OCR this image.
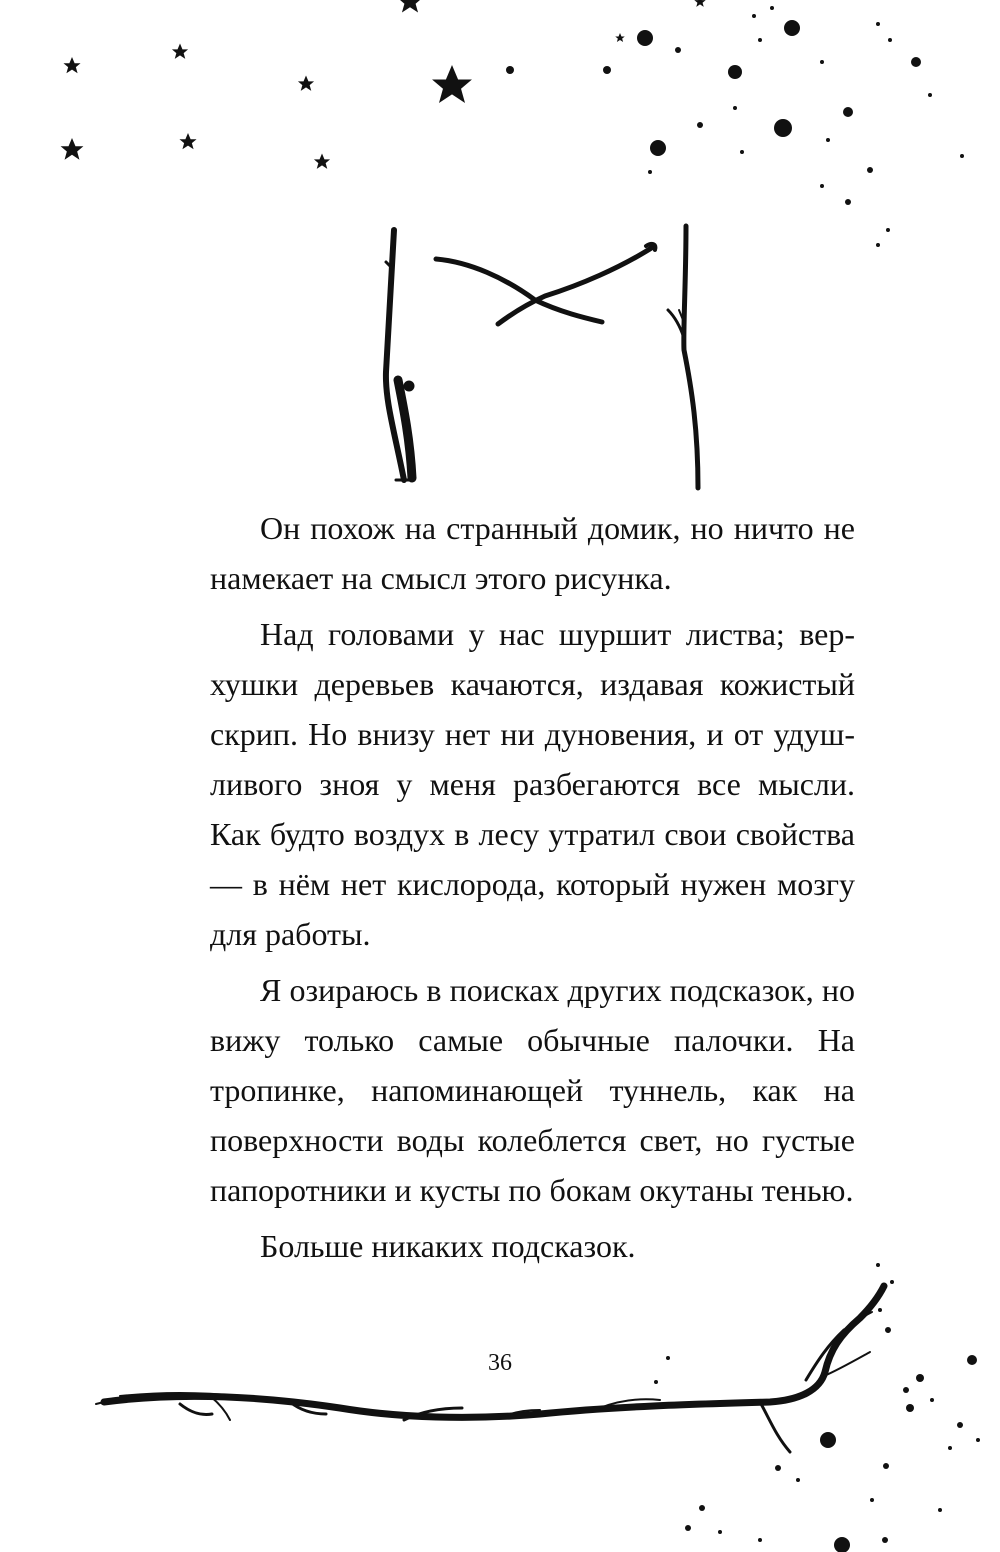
Он похож на странный домик, но ничто не намекает на смысл этого рисунка.

Над головами у нас шуршит листва; верхушки деревьев качаются, издавая кожистый скрип. Но внизу нет ни дуновения, и от удушливого зноя у меня разбегаются все мысли. Как будто воздух в лесу утратил свои свойства — в нём нет кислорода, который нужен мозгу для работы.

Я озираюсь в поисках других подсказок, но вижу только самые обычные палочки. На тропинке, напоминающей туннель, как на поверхности воды колеблется свет, но густые папоротники и кусты по бокам окутаны тенью.

Больше никаких подсказок.

36
